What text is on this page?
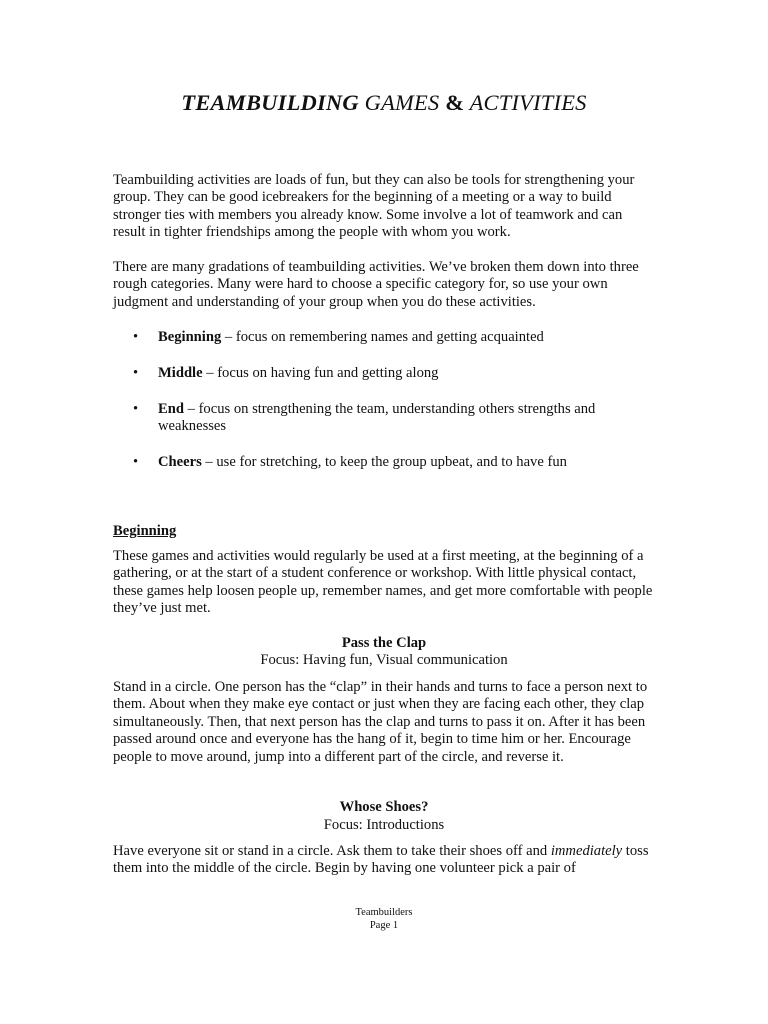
TEAMBUILDING GAMES & ACTIVITIES

Teambuilding activities are loads of fun, but they can also be tools for strengthening your group. They can be good icebreakers for the beginning of a meeting or a way to build stronger ties with members you already know. Some involve a lot of teamwork and can result in tighter friendships among the people with whom you work.

There are many gradations of teambuilding activities. We’ve broken them down into three rough categories. Many were hard to choose a specific category for, so use your own judgment and understanding of your group when you do these activities.

• Beginning – focus on remembering names and getting acquainted
• Middle – focus on having fun and getting along
• End – focus on strengthening the team, understanding others strengths and weaknesses
• Cheers – use for stretching, to keep the group upbeat, and to have fun
Beginning

These games and activities would regularly be used at a first meeting, at the beginning of a gathering, or at the start of a student conference or workshop. With little physical contact, these games help loosen people up, remember names, and get more comfortable with people they’ve just met.

Pass the Clap

Focus: Having fun, Visual communication

Stand in a circle. One person has the “clap” in their hands and turns to face a person next to them. About when they make eye contact or just when they are facing each other, they clap simultaneously. Then, that next person has the clap and turns to pass it on. After it has been passed around once and everyone has the hang of it, begin to time him or her. Encourage people to move around, jump into a different part of the circle, and reverse it.

Whose Shoes?

Focus: Introductions

Have everyone sit or stand in a circle. Ask them to take their shoes off and immediately toss them into the middle of the circle. Begin by having one volunteer pick a pair of

Teambuilders
Page 1
